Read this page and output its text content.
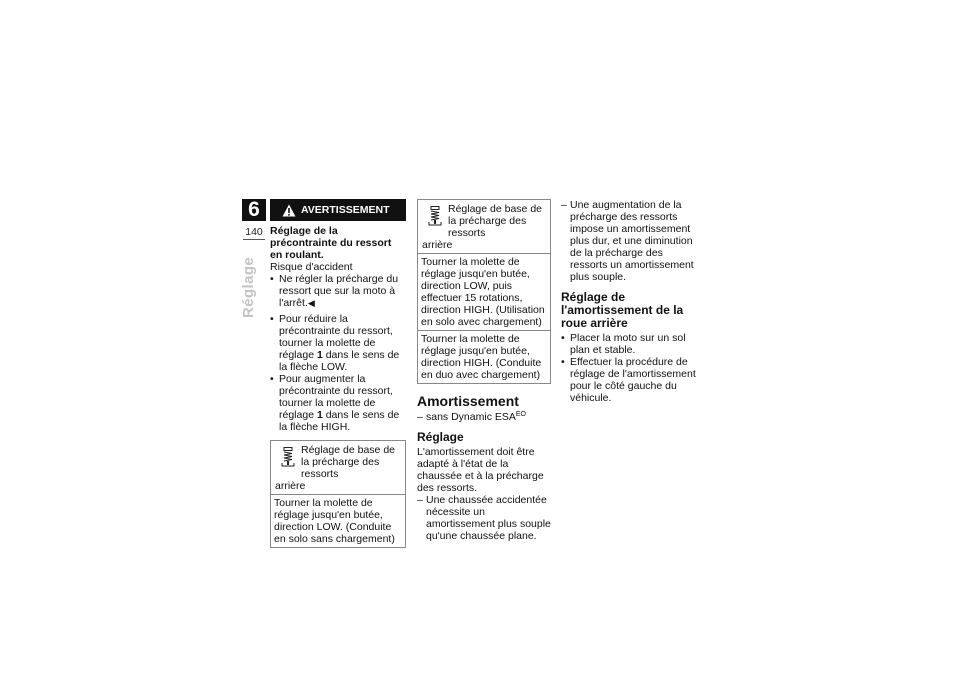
6
140
Réglage
AVERTISSEMENT

Réglage de la précontrainte du ressort en roulant.

Risque d'accident

• Ne régler la précharge du ressort que sur la moto à l'arrêt.◀
• Pour réduire la précontrainte du ressort, tourner la molette de réglage 1 dans le sens de la flèche LOW.
• Pour augmenter la précontrainte du ressort, tourner la molette de réglage 1 dans le sens de la flèche HIGH.
Réglage de base de la précharge des ressorts
arrière
Tourner la molette de réglage jusqu'en butée, direction LOW. (Conduite en solo sans chargement)
Réglage de base de la précharge des ressorts
arrière
Tourner la molette de réglage jusqu'en butée, direction LOW, puis effectuer 15 rotations, direction HIGH. (Utilisation en solo avec chargement)
Tourner la molette de réglage jusqu'en butée, direction HIGH. (Conduite en duo avec chargement)
Amortissement
– sans Dynamic $ESA^{EO}$
Réglage

L'amortissement doit être adapté à l'état de la chaussée et à la précharge des ressorts.

– Une chaussée accidentée nécessite un amortissement plus souple qu'une chaussée plane.
– Une augmentation de la précharge des ressorts impose un amortissement plus dur, et une diminution de la précharge des ressorts un amortissement plus souple.
Réglage de l'amortissement de la roue arrière
• Placer la moto sur un sol plan et stable.
• Effectuer la procédure de réglage de l'amortissement pour le côté gauche du véhicule.
